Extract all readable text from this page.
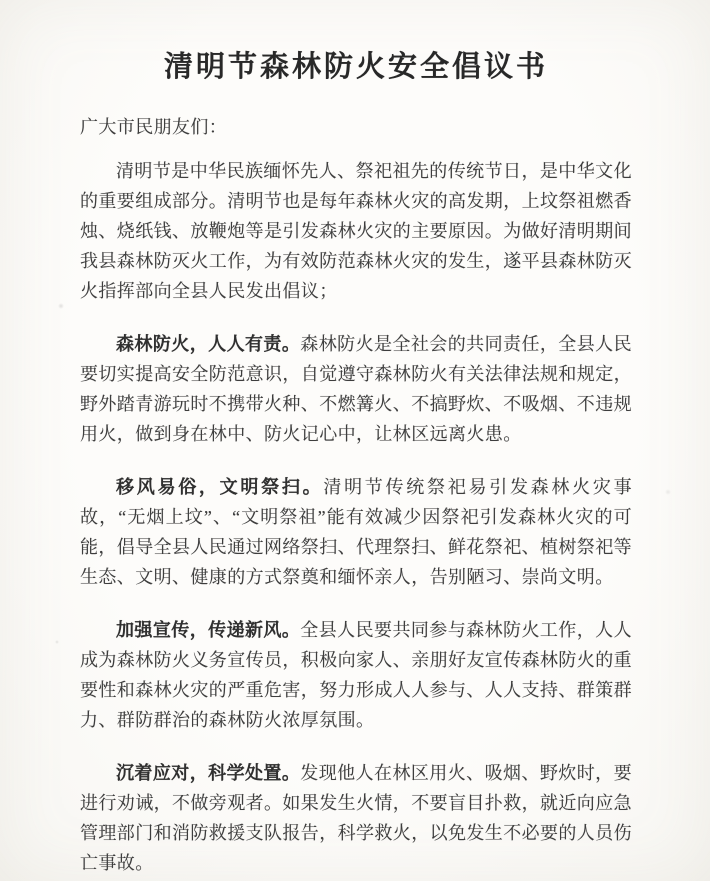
清明节森林防火安全倡议书
广大市民朋友们：

清明节是中华民族缅怀先人、祭祀祖先的传统节日，是中华文化的重要组成部分。清明节也是每年森林火灾的高发期，上坟祭祖燃香烛、烧纸钱、放鞭炮等是引发森林火灾的主要原因。为做好清明期间我县森林防灭火工作，为有效防范森林火灾的发生，遂平县森林防灭火指挥部向全县人民发出倡议；

森林防火，人人有责。森林防火是全社会的共同责任，全县人民要切实提高安全防范意识，自觉遵守森林防火有关法律法规和规定，野外踏青游玩时不携带火种、不燃篝火、不搞野炊、不吸烟、不违规用火，做到身在林中、防火记心中，让林区远离火患。

移风易俗，文明祭扫。清明节传统祭祀易引发森林火灾事故，“无烟上坟”、“文明祭祖”能有效减少因祭祀引发森林火灾的可能，倡导全县人民通过网络祭扫、代理祭扫、鲜花祭祀、植树祭祀等生态、文明、健康的方式祭奠和缅怀亲人，告别陋习、崇尚文明。

加强宣传，传递新风。全县人民要共同参与森林防火工作，人人成为森林防火义务宣传员，积极向家人、亲朋好友宣传森林防火的重要性和森林火灾的严重危害，努力形成人人参与、人人支持、群策群力、群防群治的森林防火浓厚氛围。

沉着应对，科学处置。发现他人在林区用火、吸烟、野炊时，要进行劝诫，不做旁观者。如果发生火情，不要盲目扑救，就近向应急管理部门和消防救援支队报告，科学救火，以免发生不必要的人员伤亡事故。
